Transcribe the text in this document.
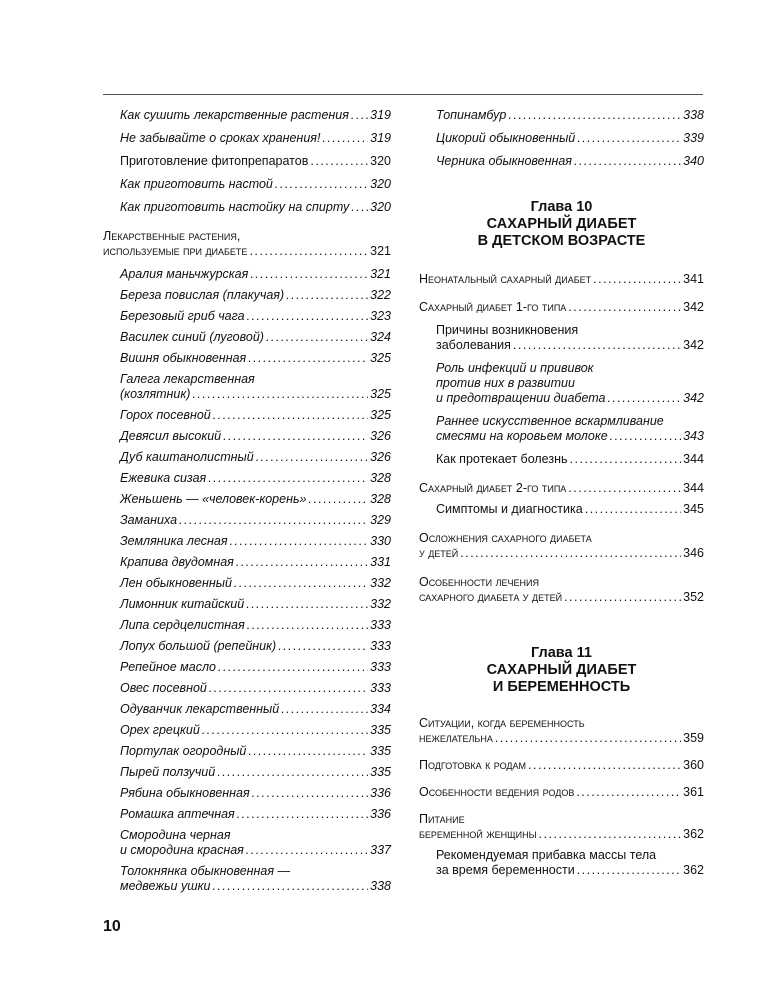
Как сушить лекарственные растения ..... 319
Не забывайте о сроках хранения! .....	319
Приготовление фитопрепаратов .....	320
Как приготовить настой .....	320
Как приготовить настойку на спирту ..... 320
Лекарственные растения,
используемые при диабете .....	321
Аралия маньчжурская .....	321
Береза повислая (плакучая) .....	322
Березовый гриб чага .....	323
Василек синий (луговой) .....	324
Вишня обыкновенная .....	325
Галега лекарственная
(козлятник) .....	325
Горох посевной .....	325
Девясил высокий .....	326
Дуб каштанолистный .....	326
Ежевика сизая .....	328
Женьшень — «человек-корень» .....	328
Заманиха .....	329
Земляника лесная .....	330
Крапива двудомная .....	331
Лен обыкновенный .....	332
Лимонник китайский .....	332
Липа сердцелистная .....	333
Лопух большой (репейник) .....	333
Репейное масло .....	333
Овес посевной .....	333
Одуванчик лекарственный .....	334
Орех грецкий .....	335
Портулак огородный .....	335
Пырей ползучий .....	335
Рябина обыкновенная .....	336
Ромашка аптечная .....	336
Смородина черная
и смородина красная .....	337
Толокнянка обыкновенная —
медвежьи ушки .....	338
Топинамбур .....	338
Цикорий обыкновенный .....	339
Черника обыкновенная .....	340
Глава 10
САХАРНЫЙ ДИАБЕТ
В ДЕТСКОМ ВОЗРАСТЕ
Неонатальный сахарный диабет .....	341
Сахарный диабет 1-го типа .....	342
Причины возникновения
заболевания .....	342
Роль инфекций и прививок
против них в развитии
и предотвращении диабета .....	342
Раннее искусственное вскармливание
смесями на коровьем молоке .....	343
Как протекает болезнь .....	344
Сахарный диабет 2-го типа .....	344
Симптомы и диагностика .....	345
Осложнения сахарного диабета
у детей .....	346
Особенности лечения
сахарного диабета у детей .....	352
Глава 11
САХАРНЫЙ ДИАБЕТ
И БЕРЕМЕННОСТЬ
Ситуации, когда беременность
нежелательна .....	359
Подготовка к родам .....	360
Особенности ведения родов .....	361
Питание
беременной женщины .....	362
Рекомендуемая прибавка массы тела
за время беременности .....	362
10
